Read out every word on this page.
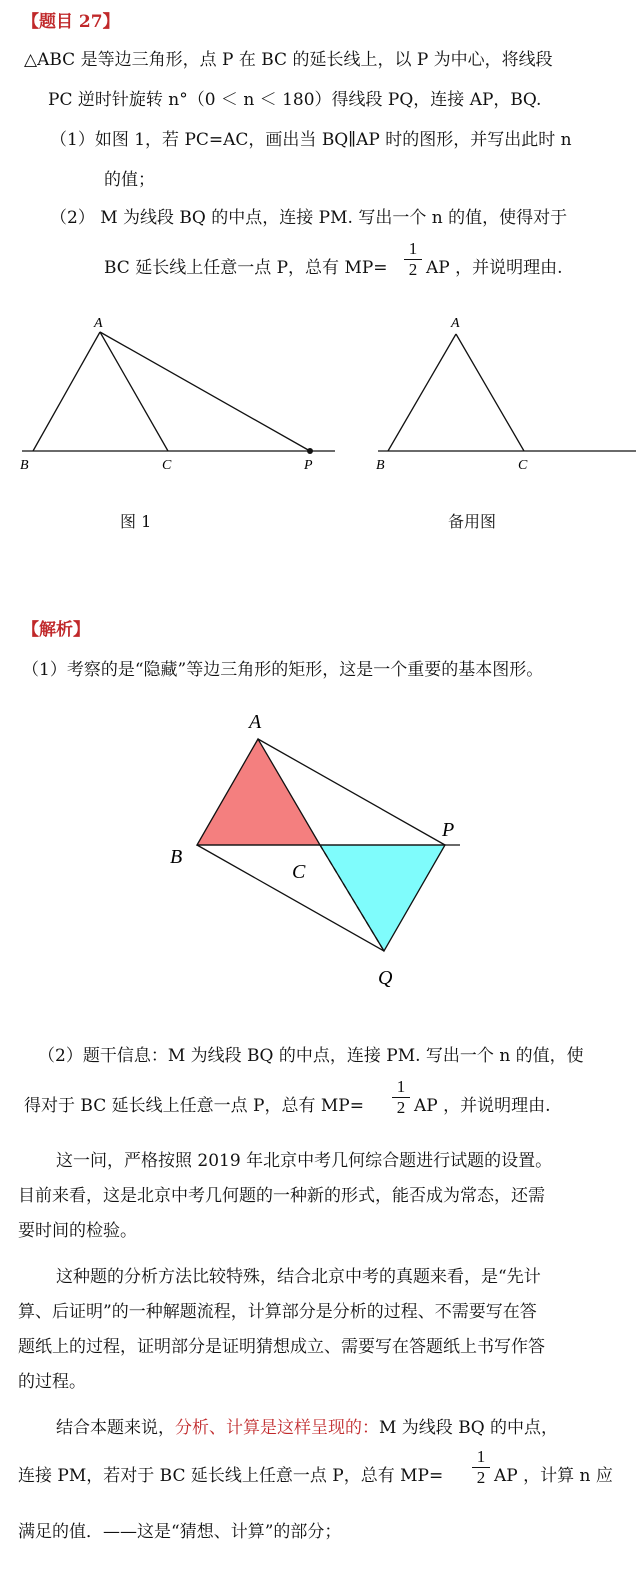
【题目 27】
△ABC 是等边三角形，点 P 在 BC 的延长线上，以 P 为中心，将线段
PC 逆时针旋转 n°（0 ＜ n ＜ 180）得线段 PQ，连接 AP，BQ.
（1）如图 1，若 PC=AC，画出当 BQ∥AP 时的图形，并写出此时 n
的值；
（2） M 为线段 BQ 的中点，连接 PM. 写出一个 n 的值，使得对于
BC 延长线上任意一点 P，总有 MP=
1
2 AP ，并说明理由.
A
B	C	P
A
B	C
图 1	备用图
【解析】
（1）考察的是“隐藏”等边三角形的矩形，这是一个重要的基本图形。
A
B
C
P
Q
（2）题干信息：M 为线段 BQ 的中点，连接 PM. 写出一个 n 的值，使
得对于 BC 延长线上任意一点 P，总有 MP=
1
2 AP ，并说明理由.
这一问，严格按照 2019 年北京中考几何综合题进行试题的设置。
目前来看，这是北京中考几何题的一种新的形式，能否成为常态，还需
要时间的检验。
这种题的分析方法比较特殊，结合北京中考的真题来看，是“先计
算、后证明”的一种解题流程，计算部分是分析的过程、不需要写在答
题纸上的过程，证明部分是证明猜想成立、需要写在答题纸上书写作答
的过程。
结合本题来说，分析、计算是这样呈现的：M 为线段 BQ 的中点，
连接 PM，若对于 BC 延长线上任意一点 P，总有 MP=
1
2 AP ，计算 n 应
满足的值．——这是“猜想、计算”的部分；
